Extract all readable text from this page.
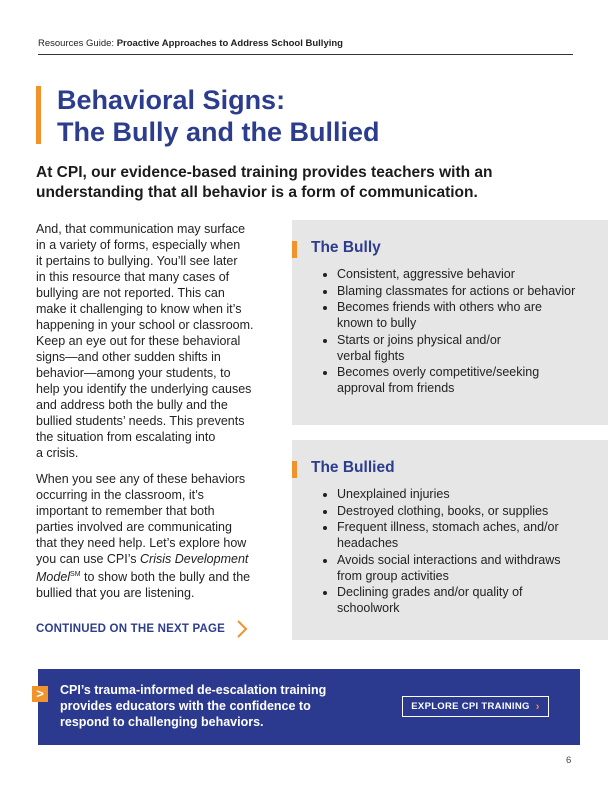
Resources Guide: Proactive Approaches to Address School Bullying
Behavioral Signs:
The Bully and the Bullied

At CPI, our evidence-based training provides teachers with an understanding that all behavior is a form of communication.

And, that communication may surface
in a variety of forms, especially when
it pertains to bullying. You’ll see later
in this resource that many cases of
bullying are not reported. This can
make it challenging to know when it’s
happening in your school or classroom.
Keep an eye out for these behavioral
signs—and other sudden shifts in
behavior—among your students, to
help you identify the underlying causes
and address both the bully and the
bullied students’ needs. This prevents
the situation from escalating into
a crisis.

When you see any of these behaviors
occurring in the classroom, it’s
important to remember that both
parties involved are communicating
that they need help. Let’s explore how
you can use CPI’s Crisis Development Model℠ to show both the bully and the
bullied that you are listening.

CONTINUED ON THE NEXT PAGE
The Bully
• Consistent, aggressive behavior
• Blaming classmates for actions or behavior
• Becomes friends with others who are
known to bully
• Starts or joins physical and/or
verbal fights
• Becomes overly competitive/seeking
approval from friends
The Bullied
• Unexplained injuries
• Destroyed clothing, books, or supplies
• Frequent illness, stomach aches, and/or
headaches
• Avoids social interactions and withdraws
from group activities
• Declining grades and/or quality of
schoolwork
>	CPI’s trauma-informed de-escalation training
provides educators with the confidence to
respond to challenging behaviors.

EXPLORE CPI TRAINING ›
6
